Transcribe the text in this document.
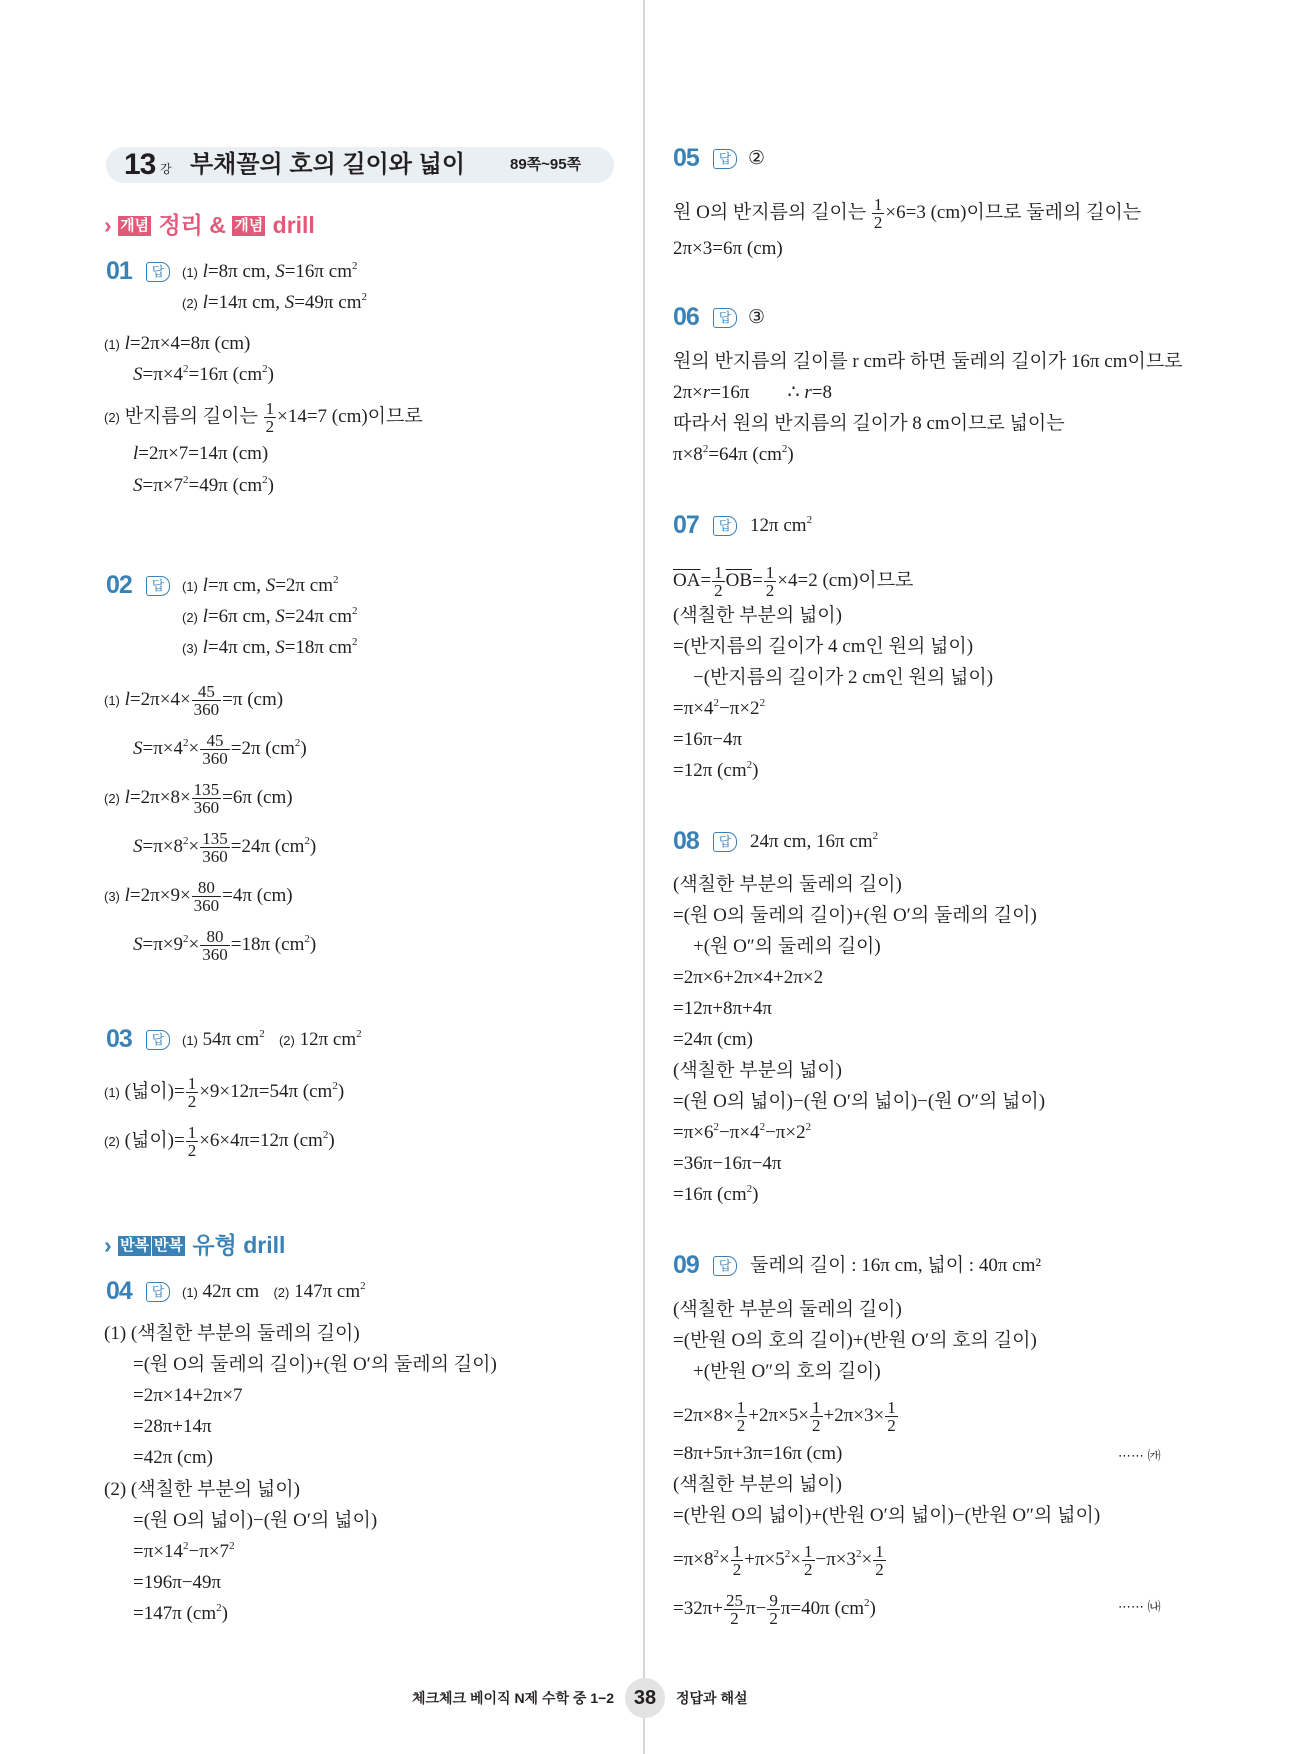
13 강 부채꼴의 호의 길이와 넓이	89쪽~95쪽
› 개념 정리 & 개념 drill
01	답	(1) l=8π cm, S=16π $cm^2$
(2) l=14π cm, S=49π $cm^2$
(1) l=2π×4=8π (cm)
$S=\pi\times 4^2=16\pi$ $(cm^2)$
(2) 반지름의 길이는 $\frac{1}{2} \times 14=7$ (cm)이므로
l=2π×7=14π (cm)
$S=\pi\times 7^2=49\pi$ $(cm^2)$
02	답	(1) l=π cm, S=2π $cm^2$
(2) l=6π cm, S=24π $cm^2$
(3) l=4π cm, S=18π $cm^2$
(1) $l=2\pi\times 4\times \frac{45}{360} =\pi$ (cm)
$S=\pi\times 4^2\times \frac{45}{360} =2\pi$ $(cm^2)$
(2) $l=2\pi\times 8\times \frac{135}{360} =6\pi$ (cm)
$S=\pi\times 8^2\times \frac{135}{360} =24\pi$ $(cm^2)$
(3) $l=2\pi\times 9\times \frac{80}{360} =4\pi$ (cm)
$S=\pi\times 9^2\times \frac{80}{360} =18\pi$ $(cm^2)$
03	답	(1) 54π $cm^2$ (2) 12π $cm^2$
(1) (넓이)= $\frac{1}{2} \times 9\times 12\pi=54\pi$ $(cm^2)$
(2) (넓이)= $\frac{1}{2} \times 6\times 4\pi=12\pi$ $(cm^2)$
› 반복 반복 유형 drill
04	답	(1) 42π cm   (2) 147π $cm^2$
(1) (색칠한 부분의 둘레의 길이)
=(원 O의 둘레의 길이)+(원 O′의 둘레의 길이)
=2π×14+2π×7
=28π+14π
=42π (cm)
(2) (색칠한 부분의 넓이)
=(원 O의 넓이)−(원 O′의 넓이)
$=\pi\times 14^2-\pi\times 7^2$
=196π−49π
=147π $(cm^2)$
05	답 ②
원 O의 반지름의 길이는 $\frac{1}{2} \times 6=3$ (cm)이므로 둘레의 길이는
2π×3=6π (cm)
06	답 ③
원의 반지름의 길이를 r cm라 하면 둘레의 길이가 16π cm이므로
2π×r=16π        ∴ r=8
따라서 원의 반지름의 길이가 8 cm이므로 넓이는
$\pi\times 8^2=64\pi$ $(cm^2)$
07	답 12π $cm^2$
$\overline{OA}= \frac{1}{2} \overline{OB}= \frac{1}{2} \times 4=2$ (cm)이므로
(색칠한 부분의 넓이)
=(반지름의 길이가 4 cm인 원의 넓이)
−(반지름의 길이가 2 cm인 원의 넓이)
$=\pi\times 4^2-\pi\times 2^2$
=16π−4π
=12π $(cm^2)$
08	답 24π cm, 16π $cm^2$
(색칠한 부분의 둘레의 길이)
=(원 O의 둘레의 길이)+(원 O′의 둘레의 길이)
+(원 O″의 둘레의 길이)
=2π×6+2π×4+2π×2
=12π+8π+4π
=24π (cm)
(색칠한 부분의 넓이)
=(원 O의 넓이)−(원 O′의 넓이)−(원 O″의 넓이)
$=\pi\times 6^2-\pi\times 4^2-\pi\times 2^2$
=36π−16π−4π
=16π $(cm^2)$
09	답 둘레의 길이 : 16π cm, 넓이 : 40π cm²
(색칠한 부분의 둘레의 길이)
=(반원 O의 호의 길이)+(반원 O′의 호의 길이)
+(반원 O″의 호의 길이)
$=2\pi\times 8\times \frac{1}{2} +2\pi\times 5\times \frac{1}{2} +2\pi\times 3\times \frac{1}{2}$
=8π+5π+3π=16π (cm)	⋯⋯ ㈎
(색칠한 부분의 넓이)
=(반원 O의 넓이)+(반원 O′의 넓이)−(반원 O″의 넓이)
$=\pi\times 8^2\times \frac{1}{2} +\pi\times 5^2\times \frac{1}{2} -\pi\times 3^2\times \frac{1}{2}$
$=32\pi+ \frac{25}{2} \pi- \frac{9}{2} \pi=40\pi$ $(cm^2)$	⋯⋯ ㈏
체크체크 베이직 N제 수학 중 1−2 38	정답과 해설
